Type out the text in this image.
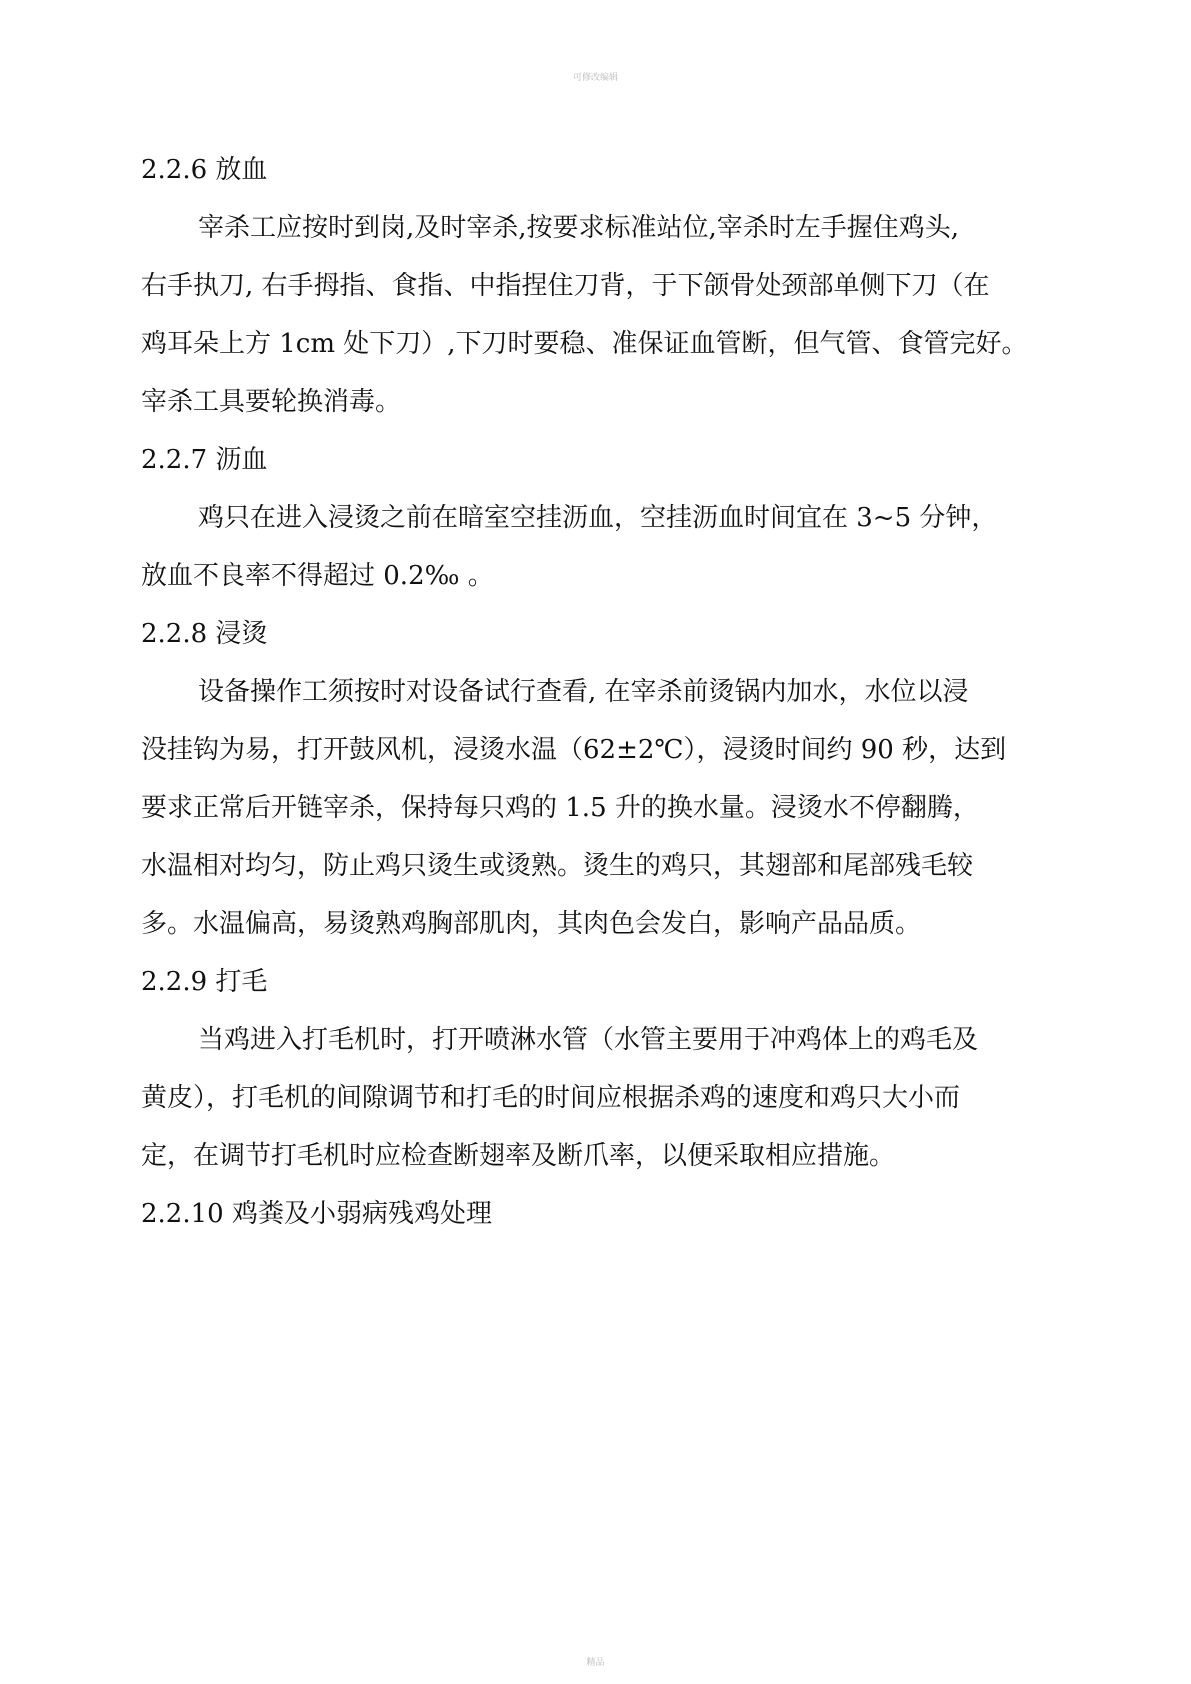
可修改编辑
2.2.6 放血
宰杀工应按时到岗,及时宰杀,按要求标准站位,宰杀时左手握住鸡头,
右手执刀, 右手拇指、食指、中指捏住刀背，于下颌骨处颈部单侧下刀（在
鸡耳朵上方 1cm 处下刀）,下刀时要稳、准保证血管断，但气管、食管完好。
宰杀工具要轮换消毒。
2.2.7 沥血
鸡只在进入浸烫之前在暗室空挂沥血，空挂沥血时间宜在 3~5 分钟，
放血不良率不得超过 0.2‰ 。
2.2.8 浸烫
设备操作工须按时对设备试行查看, 在宰杀前烫锅内加水，水位以浸
没挂钩为易，打开鼓风机，浸烫水温（62±2℃），浸烫时间约 90 秒，达到
要求正常后开链宰杀，保持每只鸡的 1.5 升的换水量。浸烫水不停翻腾，
水温相对均匀，防止鸡只烫生或烫熟。烫生的鸡只，其翅部和尾部残毛较
多。水温偏高，易烫熟鸡胸部肌肉，其肉色会发白，影响产品品质。
2.2.9 打毛
当鸡进入打毛机时，打开喷淋水管（水管主要用于冲鸡体上的鸡毛及
黄皮），打毛机的间隙调节和打毛的时间应根据杀鸡的速度和鸡只大小而
定，在调节打毛机时应检查断翅率及断爪率，以便采取相应措施。
2.2.10 鸡粪及小弱病残鸡处理
精品
